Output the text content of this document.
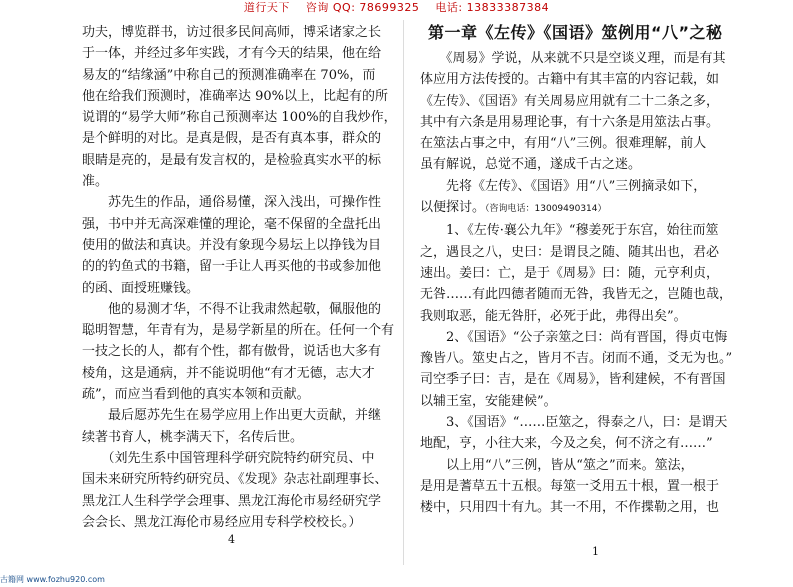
道行天下 咨询 QQ: 78699325 电话: 13833387384

功夫，博览群书，访过很多民间高师，博采诸家之长

于一体，并经过多年实践，才有今天的结果，他在给

易友的“结缘涵”中称自己的预测准确率在 70%，而

他在给我们预测时，准确率达 90%以上，比起有的所

说谓的“易学大师”称自己预测率达 100%的自我炒作，

是个鲜明的对比。是真是假，是否有真本事，群众的

眼睛是亮的，是最有发言权的，是检验真实水平的标

准。

　　苏先生的作品，通俗易懂，深入浅出，可操作性

强，书中并无高深难懂的理论，毫不保留的全盘托出

使用的做法和真诀。并没有象现今易坛上以挣钱为目

的的钓鱼式的书籍，留一手让人再买他的书或参加他

的函、面授班赚钱。

　　他的易测才华，不得不让我肃然起敬，佩服他的

聪明智慧，年青有为，是易学新星的所在。任何一个有

一技之长的人，都有个性，都有傲骨，说话也大多有

棱角，这是通病，并不能说明他“有才无德，志大才

疏”，而应当看到他的真实本领和贡献。

　　最后愿苏先生在易学应用上作出更大贡献，并继

续著书育人，桃李满天下，名传后世。

　　（刘先生系中国管理科学研究院特约研究员、中

国未来研究所特约研究员、《发现》杂志社副理事长、

黑龙江人生科学学会理事、黑龙江海伦市易经研究学

会会长、黑龙江海伦市易经应用专科学校校长。）

第一章《左传》《国语》筮例用“八”之秘

　　《周易》学说，从来就不只是空谈义理，而是有其

体应用方法传授的。古籍中有其丰富的内容记载，如

《左传》、《国语》有关周易应用就有二十二条之多，

其中有六条是用易理论事，有十六条是用筮法占事。

在筮法占事之中，有用“八”三例。很难理解，前人

虽有解说，总觉不通，遂成千古之迷。

　　先将《左传》、《国语》用“八”三例摘录如下，

以便探讨。（咨询电话：13009490314）

　　1、《左传·襄公九年》“穆姜死于东宫，始往而筮

之，遇艮之八，史曰：是谓艮之随、随其出也，君必

速出。姜曰：亡，是于《周易》曰：随，元亨利贞，

无咎……有此四德者随而无咎，我皆无之，岂随也哉，

我则取恶，能无咎肝，必死于此，弗得出矣”。

　　2、《国语》“公子亲筮之曰：尚有晋国，得贞屯悔

豫皆八。筮史占之，皆月不吉。闭而不通，爻无为也。”

司空季子曰：吉，是在《周易》，皆利建候，不有晋国

以辅王室，安能建候”。

　　3、《国语》“……臣筮之，得泰之八，曰：是谓天

地配，亨，小往大来，今及之矣，何不济之有……”

　　以上用“八”三例，皆从“筮之”而来。筮法，

是用是蓍草五十五根。每筮一爻用五十根，置一根于

楼中，只用四十有九。其一不用，不作揲勒之用，也

4
1
古籍网 www.fozhu920.com
